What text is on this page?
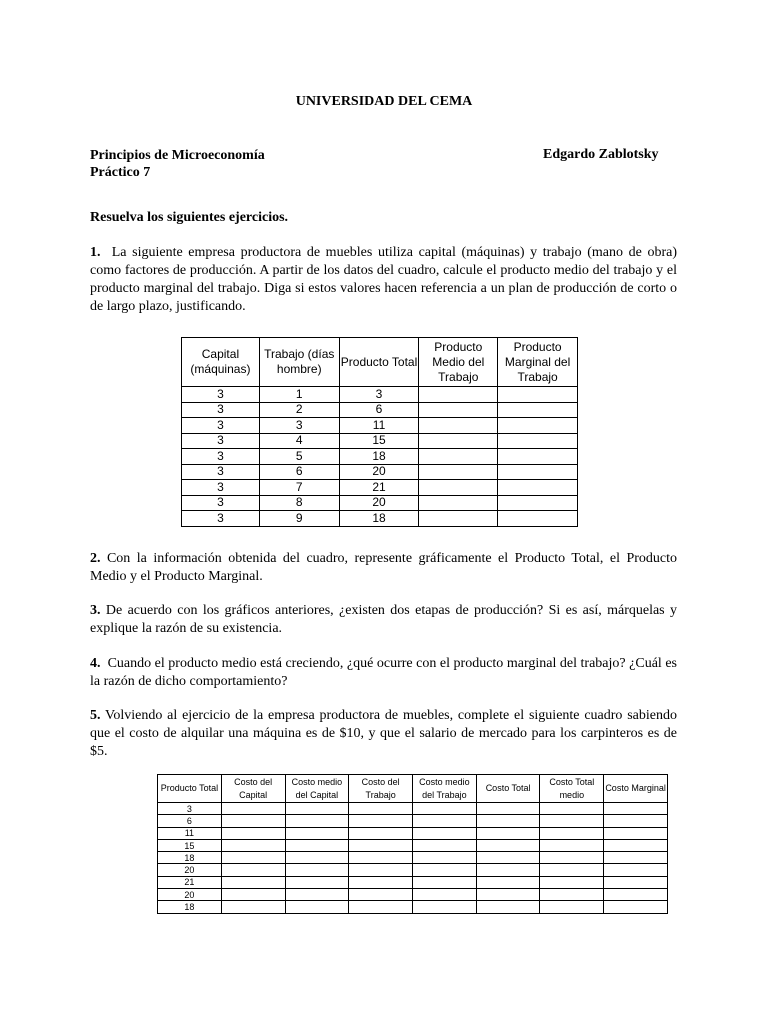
UNIVERSIDAD DEL CEMA
Principios de Microeconomía
Práctico 7
Edgardo Zablotsky
Resuelva los siguientes ejercicios.
1.  La siguiente empresa productora de muebles utiliza capital (máquinas) y trabajo (mano de obra) como factores de producción. A partir de los datos del cuadro, calcule el producto medio del trabajo y el producto marginal del trabajo. Diga si estos valores hacen referencia a un plan de producción de corto o de largo plazo, justificando.
Capital (máquinas)	Trabajo (días hombre)	Producto Total	Producto Medio del Trabajo	Producto Marginal del Trabajo
3	1	3		
3	2	6		
3	3	11		
3	4	15		
3	5	18		
3	6	20		
3	7	21		
3	8	20		
3	9	18		
2. Con la información obtenida del cuadro, represente gráficamente el Producto Total, el Producto Medio y el Producto Marginal.
3. De acuerdo con los gráficos anteriores, ¿existen dos etapas de producción? Si es así, márquelas y explique la razón de su existencia.
4.  Cuando el producto medio está creciendo, ¿qué ocurre con el producto marginal del trabajo? ¿Cuál es la razón de dicho comportamiento?
5. Volviendo al ejercicio de la empresa productora de muebles, complete el siguiente cuadro sabiendo que el costo de alquilar una máquina es de $10, y que el salario de mercado para los carpinteros es de $5.
Producto Total	Costo del Capital	Costo medio del Capital	Costo del Trabajo	Costo medio del Trabajo	Costo Total	Costo Total medio	Costo Marginal
3							
6							
11							
15							
18							
20							
21							
20							
18							
